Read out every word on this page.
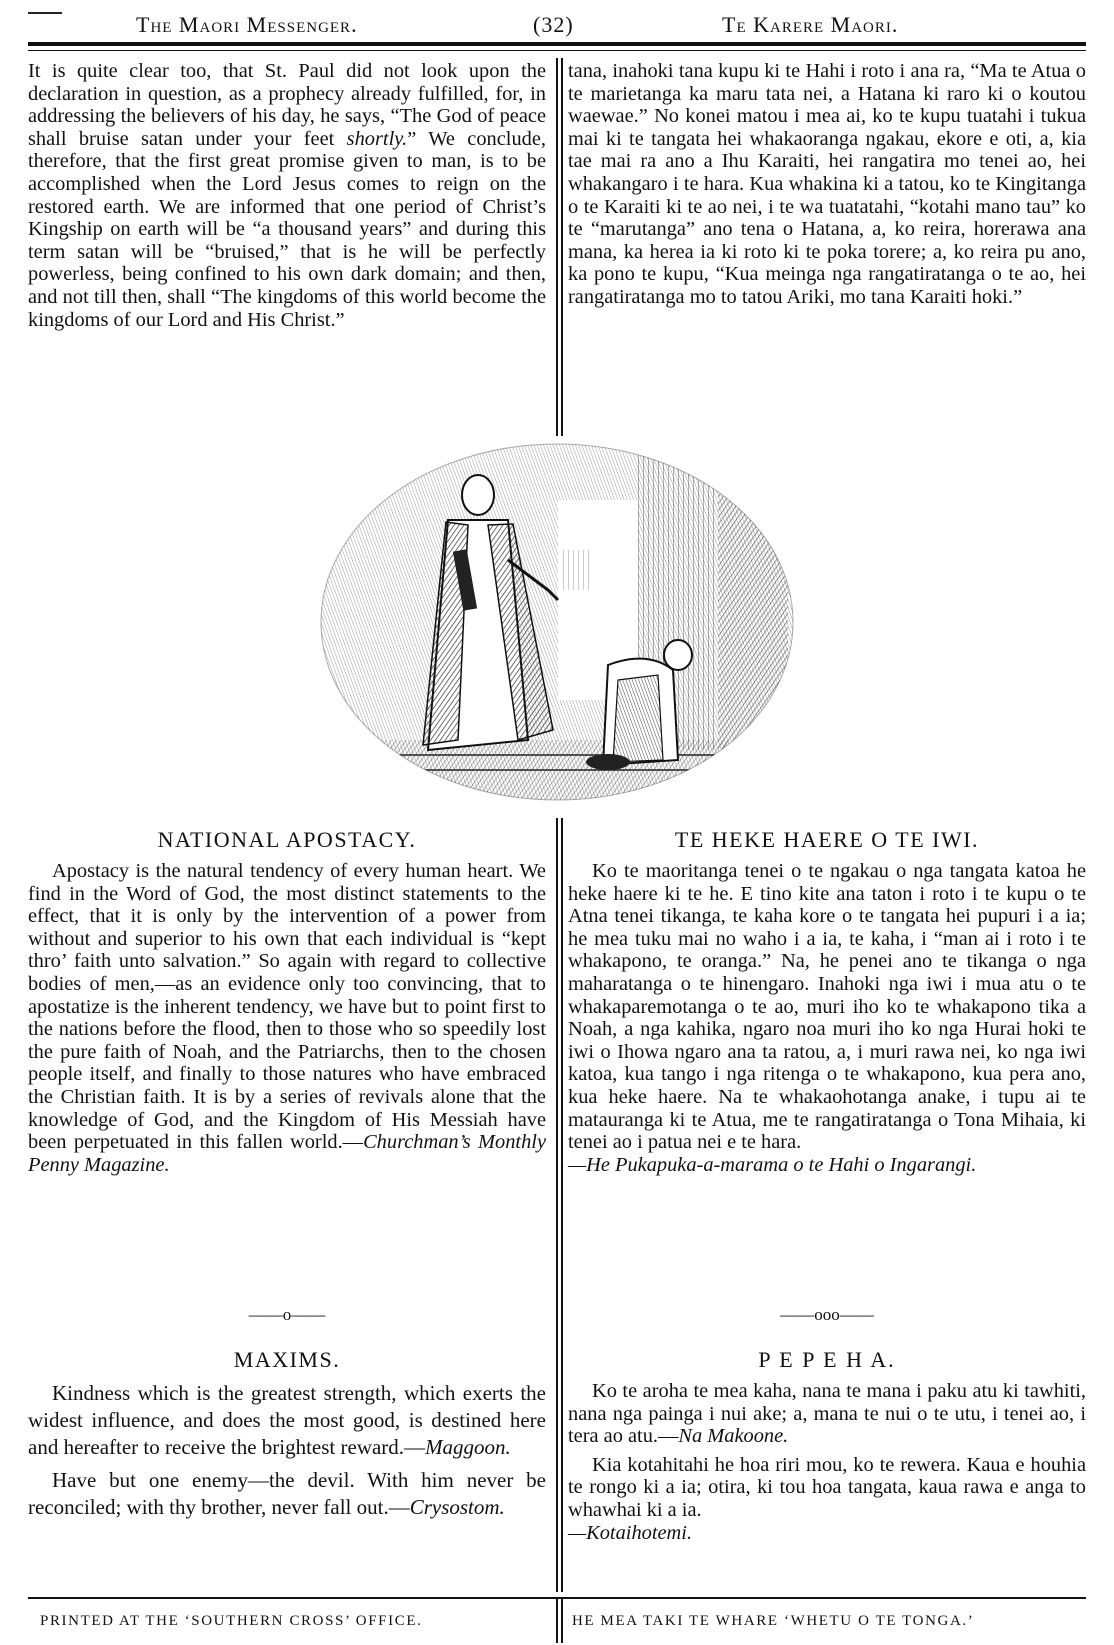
The Maori Messenger.	(32)	Te Karere Maori.

It is quite clear too, that St. Paul did not look upon the declaration in question, as a prophecy already fulfilled, for, in addressing the believers of his day, he says, “The God of peace shall bruise satan under your feet shortly.” We conclude, therefore, that the first great promise given to man, is to be accomplished when the Lord Jesus comes to reign on the restored earth. We are informed that one period of Christ’s Kingship on earth will be “a thousand years” and during this term satan will be “bruised,” that is he will be perfectly powerless, being confined to his own dark domain; and then, and not till then, shall “The kingdoms of this world become the kingdoms of our Lord and His Christ.”

tana, inahoki tana kupu ki te Hahi i roto i ana ra, “Ma te Atua o te marietanga ka maru tata nei, a Hatana ki raro ki o koutou waewae.” No konei matou i mea ai, ko te kupu tuatahi i tukua mai ki te tangata hei whakaoranga ngakau, ekore e oti, a, kia tae mai ra ano a Ihu Karaiti, hei rangatira mo tenei ao, hei whakangaro i te hara. Kua whakina ki a tatou, ko te Kingitanga o te Karaiti ki te ao nei, i te wa tuatatahi, “kotahi mano tau” ko te “marutanga” ano tena o Hatana, a, ko reira, horerawa ana mana, ka herea ia ki roto ki te poka torere; a, ko reira pu ano, ka pono te kupu, “Kua meinga nga rangatiratanga o te ao, hei rangatiratanga mo to tatou Ariki, mo tana Karaiti hoki.”

NATIONAL APOSTACY.

Apostacy is the natural tendency of every human heart. We find in the Word of God, the most distinct statements to the effect, that it is only by the intervention of a power from without and superior to his own that each individual is “kept thro’ faith unto salvation.” So again with regard to collective bodies of men,—as an evidence only too convincing, that to apostatize is the inherent tendency, we have but to point first to the nations before the flood, then to those who so speedily lost the pure faith of Noah, and the Patriarchs, then to the chosen people itself, and finally to those natures who have embraced the Christian faith. It is by a series of revivals alone that the knowledge of God, and the Kingdom of His Messiah have been perpetuated in this fallen world.—Churchman’s Monthly Penny Magazine.

TE HEKE HAERE O TE IWI.

Ko te maoritanga tenei o te ngakau o nga tangata katoa he heke haere ki te he. E tino kite ana taton i roto i te kupu o te Atna tenei tikanga, te kaha kore o te tangata hei pupuri i a ia; he mea tuku mai no waho i a ia, te kaha, i “man ai i roto i te whakapono, te oranga.” Na, he penei ano te tikanga o nga maharatanga o te hinengaro. Inahoki nga iwi i mua atu o te whakaparemotanga o te ao, muri iho ko te whakapono tika a Noah, a nga kahika, ngaro noa muri iho ko nga Hurai hoki te iwi o Ihowa ngaro ana ta ratou, a, i muri rawa nei, ko nga iwi katoa, kua tango i nga ritenga o te whakapono, kua pera ano, kua heke haere. Na te whakaohotanga anake, i tupu ai te matauranga ki te Atua, me te rangatiratanga o Tona Mihaia, ki tenei ao i patua nei e te hara.

—He Pukapuka-a-marama o te Hahi o Ingarangi.

——o——	——ooo——
MAXIMS.

Kindness which is the greatest strength, which exerts the widest influence, and does the most good, is destined here and hereafter to receive the brightest reward.—Maggoon.

Have but one enemy—the devil. With him never be reconciled; with thy brother, never fall out.—Crysostom.

P E P E H A.

Ko te aroha te mea kaha, nana te mana i paku atu ki tawhiti, nana nga painga i nui ake; a, mana te nui o te utu, i tenei ao, i tera ao atu.—Na Makoone.

Kia kotahitahi he hoa riri mou, ko te rewera. Kaua e houhia te rongo ki a ia; otira, ki tou hoa tangata, kaua rawa e anga to whawhai ki a ia.

—Kotaihotemi.

PRINTED AT THE ‘SOUTHERN CROSS’ OFFICE.	HE MEA TAKI TE WHARE ‘WHETU O TE TONGA.’
